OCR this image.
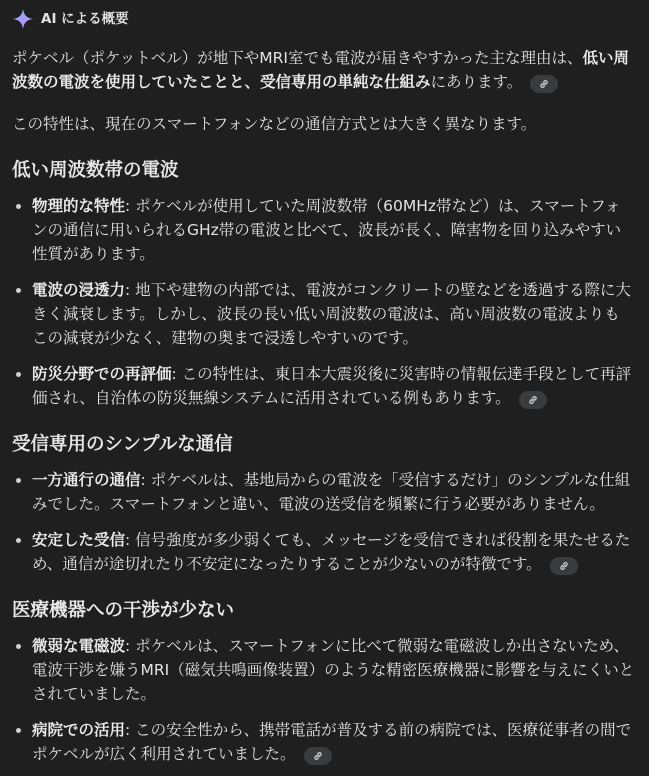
AI による概要

ポケベル（ポケットベル）が地下やMRI室でも電波が届きやすかった主な理由は、低い周波数の電波を使用していたことと、受信専用の単純な仕組みにあります。

この特性は、現在のスマートフォンなどの通信方式とは大きく異なります。

低い周波数帯の電波
物理的な特性: ポケベルが使用していた周波数帯（60MHz帯など）は、スマートフォンの通信に用いられるGHz帯の電波と比べて、波長が長く、障害物を回り込みやすい性質があります。
電波の浸透力: 地下や建物の内部では、電波がコンクリートの壁などを透過する際に大きく減衰します。しかし、波長の長い低い周波数の電波は、高い周波数の電波よりもこの減衰が少なく、建物の奥まで浸透しやすいのです。
防災分野での再評価: この特性は、東日本大震災後に災害時の情報伝達手段として再評価され、自治体の防災無線システムに活用されている例もあります。
受信専用のシンプルな通信
一方通行の通信: ポケベルは、基地局からの電波を「受信するだけ」のシンプルな仕組みでした。スマートフォンと違い、電波の送受信を頻繁に行う必要がありません。
安定した受信: 信号強度が多少弱くても、メッセージを受信できれば役割を果たせるため、通信が途切れたり不安定になったりすることが少ないのが特徴です。
医療機器への干渉が少ない
微弱な電磁波: ポケベルは、スマートフォンに比べて微弱な電磁波しか出さないため、電波干渉を嫌うMRI（磁気共鳴画像装置）のような精密医療機器に影響を与えにくいとされていました。
病院での活用: この安全性から、携帯電話が普及する前の病院では、医療従事者の間でポケベルが広く利用されていました。
